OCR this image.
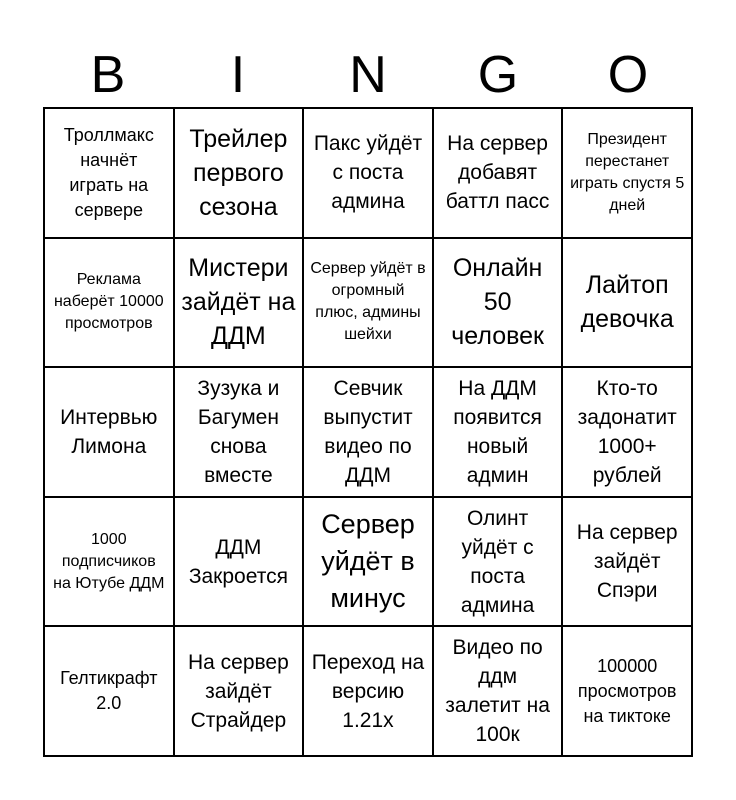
B	I	N	G	O
Троллмакс начнёт играть на сервере
Трейлер первого сезона
Пакс уйдёт с поста админа
На сервер добавят баттл пасс
Президент перестанет играть спустя 5 дней
Реклама наберёт 10000 просмотров
Мистери зайдёт на ДДМ
Сервер уйдёт в огромный плюс, админы шейхи
Онлайн 50 человек
Лайтоп девочка
Интервью Лимона
Зузука и Багумен снова вместе
Севчик выпустит видео по ДДМ
На ДДМ появится новый админ
Кто-то задонатит 1000+ рублей
1000 подписчиков на Ютубе ДДМ
ДДМ Закроется
Сервер уйдёт в минус
Олинт уйдёт с поста админа
На сервер зайдёт Спэри
Гелтикрафт 2.0
На сервер зайдёт Страйдер
Переход на версию 1.21х
Видео по ддм залетит на 100к
100000 просмотров на тиктоке
